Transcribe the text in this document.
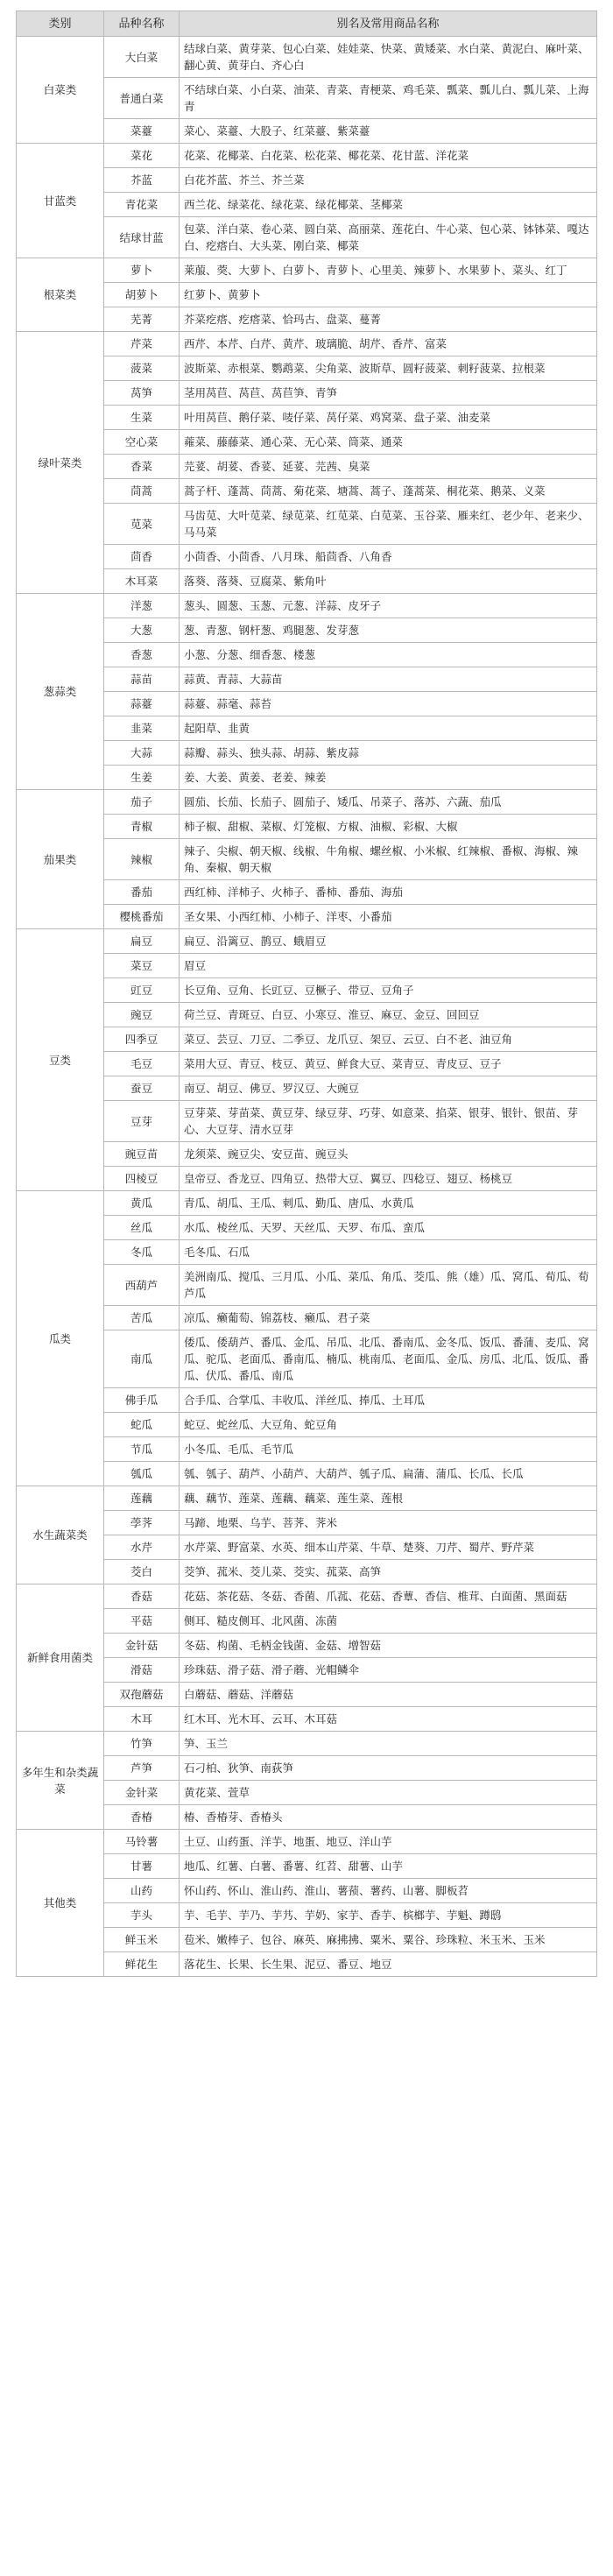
类别	品种名称	别名及常用商品名称
白菜类	大白菜	结球白菜、黄芽菜、包心白菜、娃娃菜、快菜、黄矮菜、水白菜、黄泥白、麻叶菜、翻心黄、黄芽白、齐心白
	普通白菜	不结球白菜、小白菜、油菜、青菜、青梗菜、鸡毛菜、瓢菜、瓢儿白、瓢儿菜、上海青
	菜薹	菜心、菜薹、大股子、红菜薹、紫菜薹
甘蓝类	菜花	花菜、花椰菜、白花菜、松花菜、椰花菜、花甘蓝、洋花菜
	芥蓝	白花芥蓝、芥兰、芥兰菜
	青花菜	西兰花、绿菜花、绿花菜、绿花椰菜、茎椰菜
	结球甘蓝	包菜、洋白菜、卷心菜、圆白菜、高丽菜、莲花白、牛心菜、包心菜、钵钵菜、嘎达白、疙瘩白、大头菜、刚白菜、椰菜
根菜类	萝卜	莱菔、葖、大萝卜、白萝卜、青萝卜、心里美、辣萝卜、水果萝卜、菜头、红丁
	胡萝卜	红萝卜、黄萝卜
	芜菁	芥菜疙瘩、疙瘩菜、恰玛古、盘菜、蔓菁
绿叶菜类	芹菜	西芹、本芹、白芹、黄芹、玻璃脆、胡芹、香芹、富菜
	菠菜	波斯菜、赤根菜、鹦鹉菜、尖角菜、波斯草、圆籽菠菜、刺籽菠菜、拉根菜
	莴笋	茎用莴苣、莴苣、莴苣笋、青笋
	生菜	叶用莴苣、鹅仔菜、唛仔菜、莴仔菜、鸡窝菜、盘子菜、油麦菜
	空心菜	蕹菜、藤藤菜、通心菜、无心菜、筒菜、通菜
	香菜	芫荽、胡荽、香荽、延荽、芫茜、臭菜
	茼蒿	蒿子杆、蓬蒿、茼蒿、菊花菜、塘蒿、蒿子、蓬蒿菜、桐花菜、鹅菜、义菜
	苋菜	马齿苋、大叶苋菜、绿苋菜、红苋菜、白苋菜、玉谷菜、雁来红、老少年、老来少、马马菜
	茴香	小茴香、小茴香、八月珠、船茴香、八角香
	木耳菜	落葵、落葵、豆腐菜、紫角叶
葱蒜类	洋葱	葱头、圆葱、玉葱、元葱、洋蒜、皮牙子
	大葱	葱、青葱、钢杆葱、鸡腿葱、发芽葱
	香葱	小葱、分葱、细香葱、楼葱
	蒜苗	蒜黄、青蒜、大蒜苗
	蒜薹	蒜薹、蒜毫、蒜苔
	韭菜	起阳草、韭黄
	大蒜	蒜瓣、蒜头、独头蒜、胡蒜、紫皮蒜
	生姜	姜、大姜、黄姜、老姜、辣姜
茄果类	茄子	圆茄、长茄、长茄子、圆茄子、矮瓜、吊菜子、落苏、六蔬、茄瓜
	青椒	柿子椒、甜椒、菜椒、灯笼椒、方椒、油椒、彩椒、大椒
	辣椒	辣子、尖椒、朝天椒、线椒、牛角椒、螺丝椒、小米椒、红辣椒、番椒、海椒、辣角、秦椒、朝天椒
	番茄	西红柿、洋柿子、火柿子、番柿、番茄、海茄
	樱桃番茄	圣女果、小西红柿、小柿子、洋枣、小番茄
豆类	扁豆	扁豆、沿篱豆、鹊豆、蛾眉豆
	菜豆	眉豆
	豇豆	长豆角、豆角、长豇豆、豆橛子、带豆、豆角子
	豌豆	荷兰豆、青斑豆、白豆、小寒豆、淮豆、麻豆、金豆、回回豆
	四季豆	菜豆、芸豆、刀豆、二季豆、龙爪豆、架豆、云豆、白不老、油豆角
	毛豆	菜用大豆、青豆、枝豆、黄豆、鲜食大豆、菜青豆、青皮豆、豆子
	蚕豆	南豆、胡豆、佛豆、罗汉豆、大豌豆
	豆芽	豆芽菜、芽苗菜、黄豆芽、绿豆芽、巧芽、如意菜、掐菜、银芽、银针、银苗、芽心、大豆芽、清水豆芽
	豌豆苗	龙须菜、豌豆尖、安豆苗、豌豆头
	四棱豆	皇帝豆、香龙豆、四角豆、热带大豆、翼豆、四稔豆、翅豆、杨桃豆
瓜类	黄瓜	青瓜、胡瓜、王瓜、刺瓜、勤瓜、唐瓜、水黄瓜
	丝瓜	水瓜、棱丝瓜、天罗、天丝瓜、天罗、布瓜、蛮瓜
	冬瓜	毛冬瓜、石瓜
	西葫芦	美洲南瓜、搅瓜、三月瓜、小瓜、菜瓜、角瓜、茭瓜、熊（雄）瓜、窝瓜、荀瓜、荀芦瓜
	苦瓜	凉瓜、癞葡萄、锦荔枝、癞瓜、君子菜
	南瓜	倭瓜、倭葫芦、番瓜、金瓜、吊瓜、北瓜、番南瓜、金冬瓜、饭瓜、番蒲、麦瓜、窝瓜、驼瓜、老面瓜、番南瓜、楠瓜、桃南瓜、老面瓜、金瓜、房瓜、北瓜、饭瓜、番瓜、伏瓜、番瓜、南瓜
	佛手瓜	合手瓜、合掌瓜、丰收瓜、洋丝瓜、捧瓜、土耳瓜
	蛇瓜	蛇豆、蛇丝瓜、大豆角、蛇豆角
	节瓜	小冬瓜、毛瓜、毛节瓜
	瓠瓜	瓠、瓠子、葫芦、小葫芦、大葫芦、瓠子瓜、扁蒲、蒲瓜、长瓜、长瓜
水生蔬菜类	莲藕	藕、藕节、莲菜、莲藕、藕菜、莲生菜、莲根
	荸荠	马蹄、地栗、乌芋、菩荠、荠米
	水芹	水芹菜、野富菜、水英、细本山芹菜、牛草、楚葵、刀芹、蜀芹、野芹菜
	茭白	茭笋、菰米、茭儿菜、茭实、菰菜、高笋
新鲜食用菌类	香菇	花菇、茶花菇、冬菇、香菌、爪菰、花菇、香蕈、香信、椎茸、白面菌、黑面菇
	平菇	侧耳、糙皮侧耳、北风菌、冻菌
	金针菇	冬菇、构菌、毛柄金钱菌、金菇、增智菇
	滑菇	珍珠菇、滑子菇、滑子蘑、光帽鳞伞
	双孢蘑菇	白蘑菇、蘑菇、洋蘑菇
	木耳	红木耳、光木耳、云耳、木耳菇
多年生和杂类蔬菜	竹笋	笋、玉兰
	芦笋	石刁柏、狄笋、南荻笋
	金针菜	黄花菜、萱草
	香椿	椿、香椿芽、香椿头
其他类	马铃薯	土豆、山药蛋、洋芋、地蛋、地豆、洋山芋
	甘薯	地瓜、红薯、白薯、番薯、红苕、甜薯、山芋
	山药	怀山药、怀山、淮山药、淮山、薯蓣、薯药、山薯、脚板苕
	芋头	芋、毛芋、芋乃、芋艿、芋奶、家芋、香芋、槟榔芋、芋魁、蹲鸱
	鲜玉米	苞米、嫩棒子、包谷、麻英、麻拂拂、粟米、粟谷、珍珠粒、米玉米、玉米
	鲜花生	落花生、长果、长生果、泥豆、番豆、地豆
